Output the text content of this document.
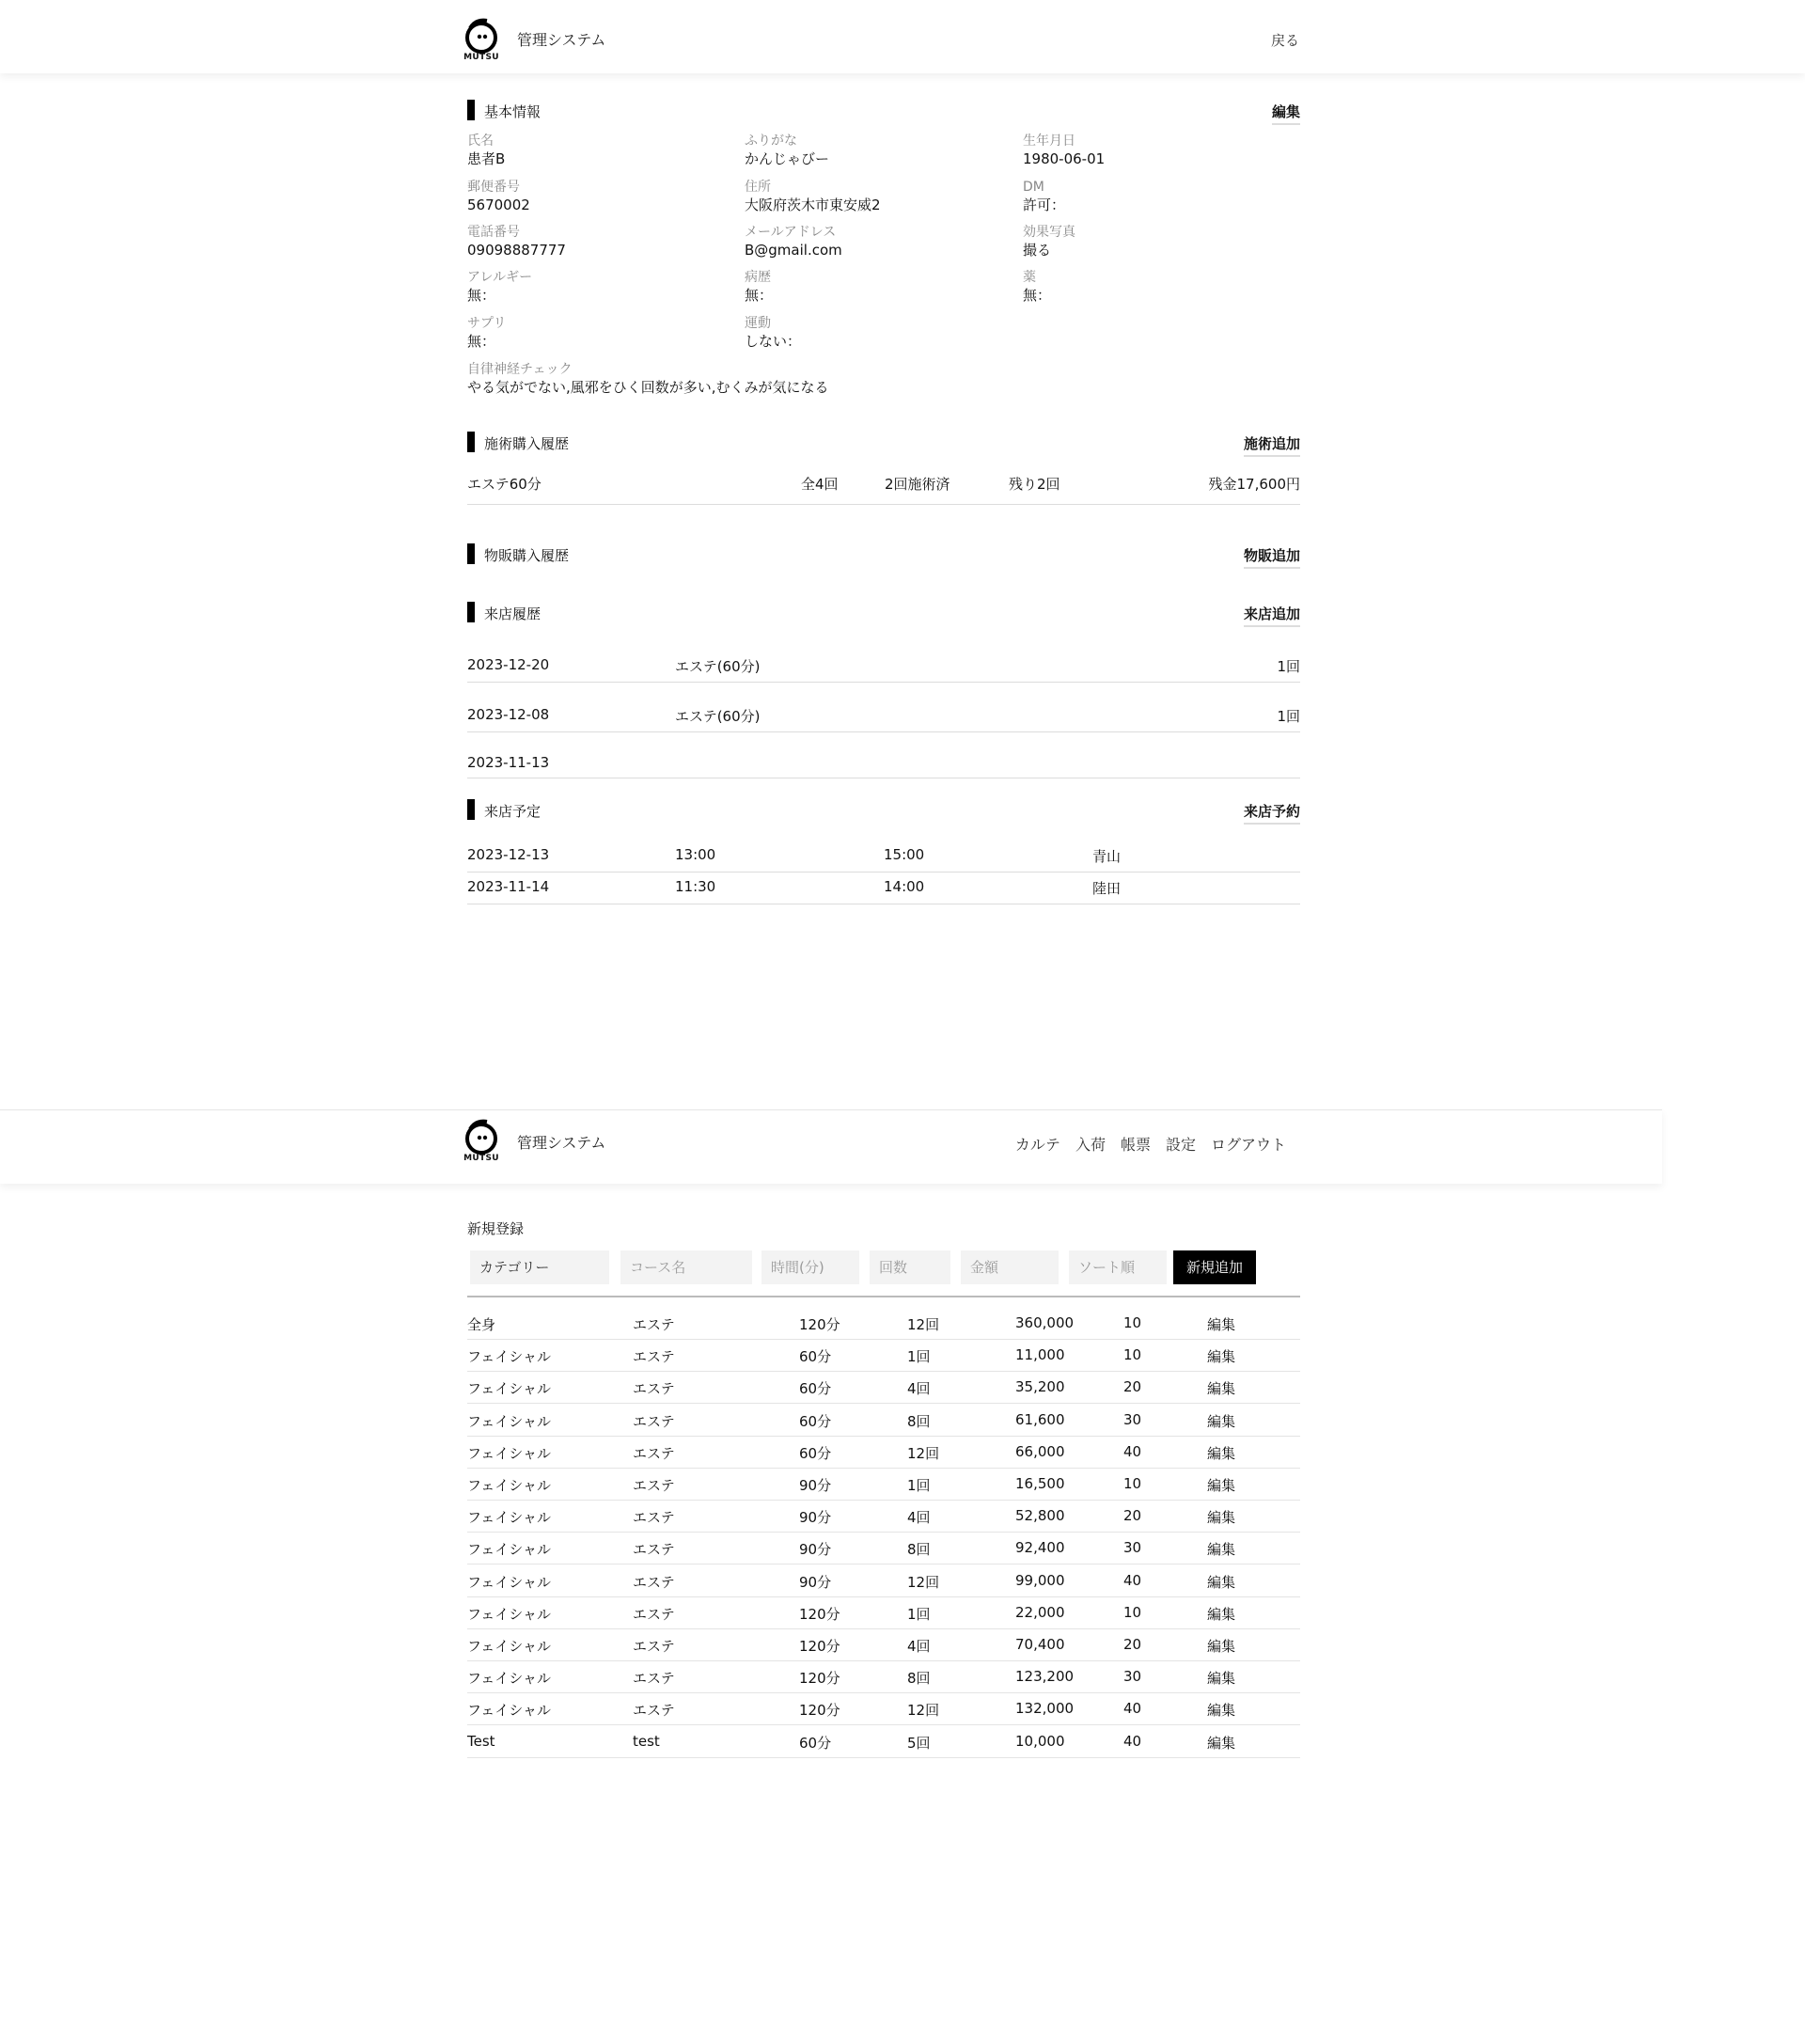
MUTSU
管理システム	戻る
基本情報	編集
氏名
患者B
ふりがな
かんじゃびー
生年月日
1980-06-01
郵便番号
5670002
住所
大阪府茨木市東安威2
DM
許可：
電話番号
09098887777
メールアドレス
B@gmail.com
効果写真
撮る
アレルギー
無：
病歴
無：
薬
無：
サプリ
無：
運動
しない：
自律神経チェック
やる気がでない,風邪をひく回数が多い,むくみが気になる
施術購入履歴	施術追加
エステ60分	全4回	2回施術済	残り2回	残金17,600円
物販購入履歴	物販追加
来店履歴	来店追加
2023-12-20	エステ(60分)	1回
2023-12-08	エステ(60分)	1回
2023-11-13
来店予定	来店予約
2023-12-13	13:00	15:00	青山
2023-11-14	11:30	14:00	陸田
MUTSU
管理システム	カルテ 入荷 帳票 設定 ログアウト
新規登録
カテゴリー	コース名	時間(分)	回数	金額	ソート順	新規追加
全身	エステ	120分	12回	360,000	10	編集
フェイシャル	エステ	60分	1回	11,000	10	編集
フェイシャル	エステ	60分	4回	35,200	20	編集
フェイシャル	エステ	60分	8回	61,600	30	編集
フェイシャル	エステ	60分	12回	66,000	40	編集
フェイシャル	エステ	90分	1回	16,500	10	編集
フェイシャル	エステ	90分	4回	52,800	20	編集
フェイシャル	エステ	90分	8回	92,400	30	編集
フェイシャル	エステ	90分	12回	99,000	40	編集
フェイシャル	エステ	120分	1回	22,000	10	編集
フェイシャル	エステ	120分	4回	70,400	20	編集
フェイシャル	エステ	120分	8回	123,200	30	編集
フェイシャル	エステ	120分	12回	132,000	40	編集
Test	test	60分	5回	10,000	40	編集
